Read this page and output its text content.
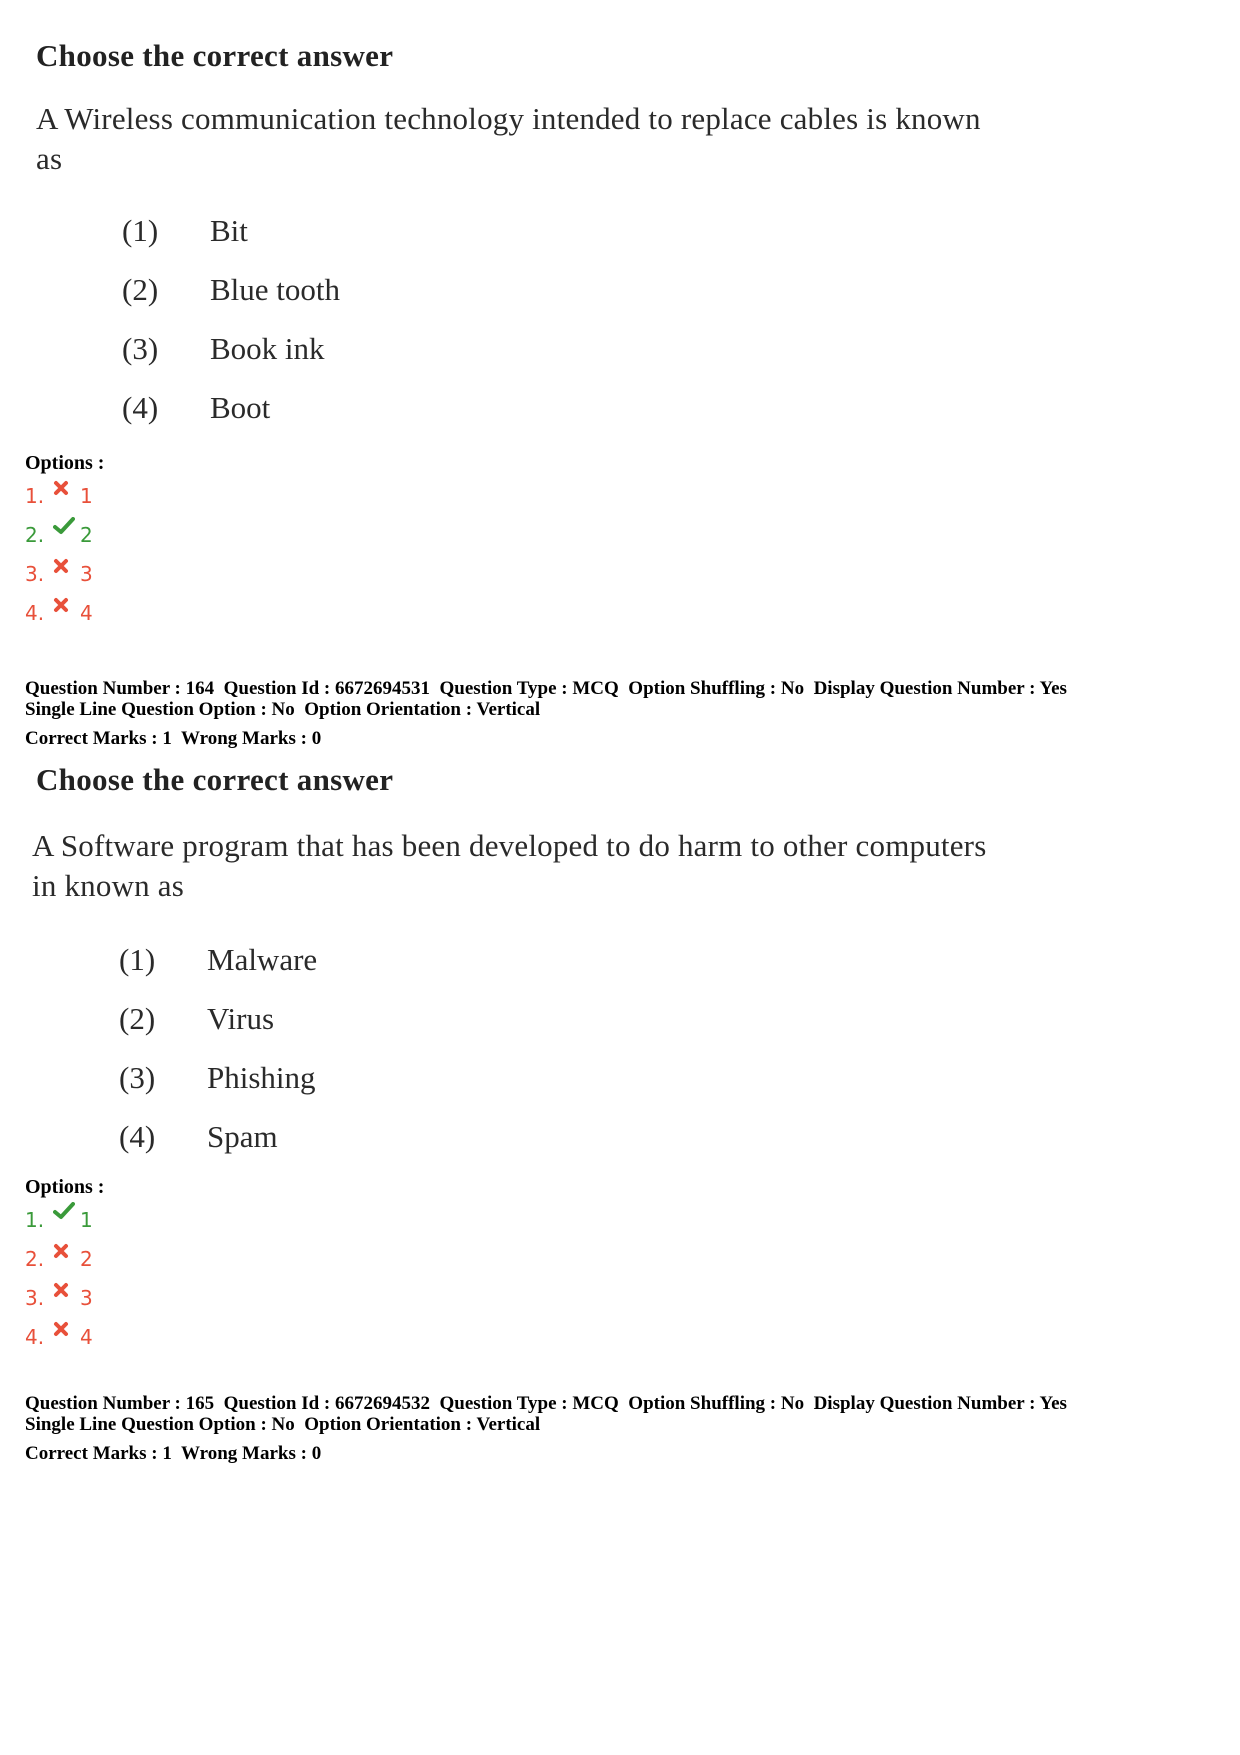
Choose the correct answer
A Wireless communication technology intended to replace cables is known
as
(1)	Bit
(2)	Blue tooth
(3)	Book ink
(4)	Boot
Options :
1.	1
2.	2
3.	3
4.	4
Question Number : 164  Question Id : 6672694531  Question Type : MCQ  Option Shuffling : No  Display Question Number : Yes
Single Line Question Option : No  Option Orientation : Vertical
Correct Marks : 1  Wrong Marks : 0
Choose the correct answer
A Software program that has been developed to do harm to other computers
in known as
(1)	Malware
(2)	Virus
(3)	Phishing
(4)	Spam
Options :
1.	1
2.	2
3.	3
4.	4
Question Number : 165  Question Id : 6672694532  Question Type : MCQ  Option Shuffling : No  Display Question Number : Yes
Single Line Question Option : No  Option Orientation : Vertical
Correct Marks : 1  Wrong Marks : 0
